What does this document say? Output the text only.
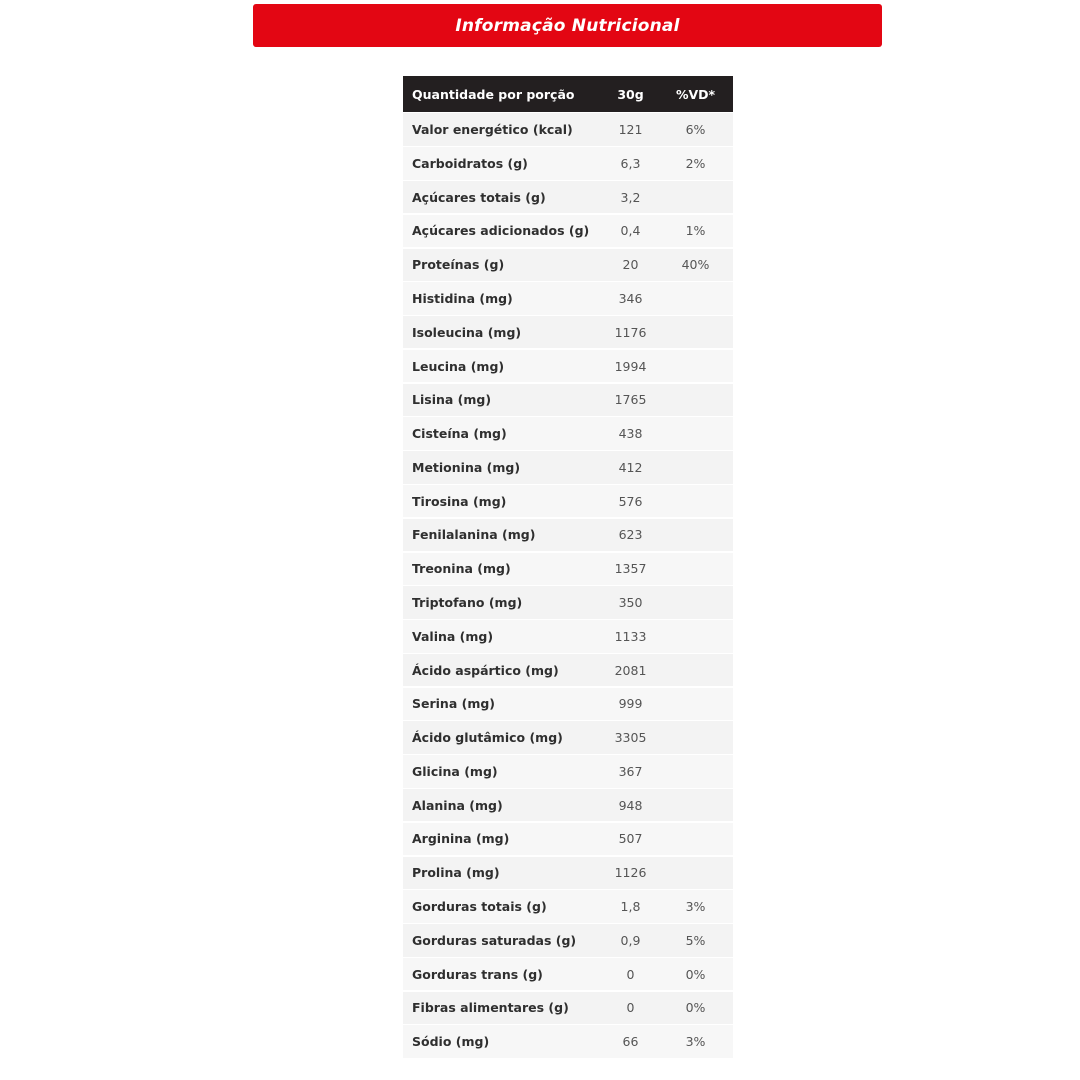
Informação Nutricional
Quantidade por porção	30g	%VD*
Valor energético (kcal)	121	6%
Carboidratos (g)	6,3	2%
Açúcares totais (g)	3,2
Açúcares adicionados (g)	0,4	1%
Proteínas (g)	20	40%
Histidina (mg)	346
Isoleucina (mg)	1176
Leucina (mg)	1994
Lisina (mg)	1765
Cisteína (mg)	438
Metionina (mg)	412
Tirosina (mg)	576
Fenilalanina (mg)	623
Treonina (mg)	1357
Triptofano (mg)	350
Valina (mg)	1133
Ácido aspártico (mg)	2081
Serina (mg)	999
Ácido glutâmico (mg)	3305
Glicina (mg)	367
Alanina (mg)	948
Arginina (mg)	507
Prolina (mg)	1126
Gorduras totais (g)	1,8	3%
Gorduras saturadas (g)	0,9	5%
Gorduras trans (g)	0	0%
Fibras alimentares (g)	0	0%
Sódio (mg)	66	3%
